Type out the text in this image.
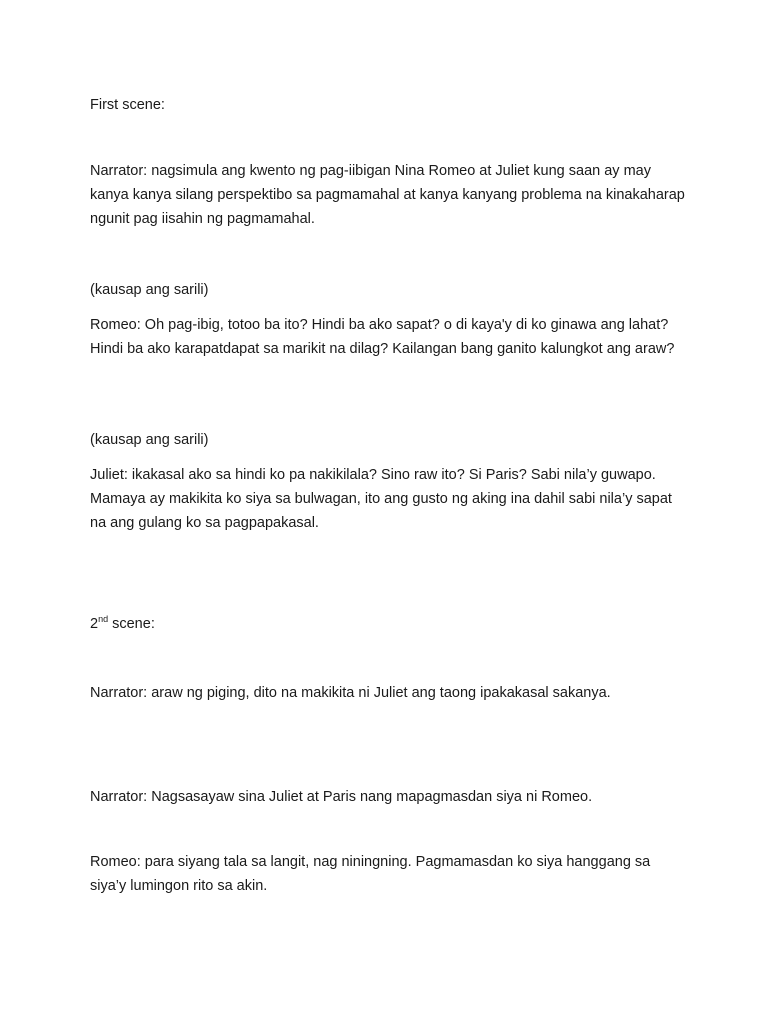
First scene:

Narrator: nagsimula ang kwento ng pag-iibigan Nina Romeo at Juliet kung saan ay may kanya kanya silang perspektibo sa pagmamahal at kanya kanyang problema na kinakaharap ngunit pag iisahin ng pagmamahal.

(kausap ang sarili)

Romeo: Oh pag-ibig, totoo ba ito? Hindi ba ako sapat? o di kaya'y di ko ginawa ang lahat? Hindi ba ako karapatdapat sa marikit na dilag? Kailangan bang ganito kalungkot ang araw?

(kausap ang sarili)

Juliet: ikakasal ako sa hindi ko pa nakikilala? Sino raw ito? Si Paris? Sabi nila’y guwapo. Mamaya ay makikita ko siya sa bulwagan, ito ang gusto ng aking ina dahil sabi nila’y sapat na ang gulang ko sa pagpapakasal.

2nd scene:

Narrator: araw ng piging, dito na makikita ni Juliet ang taong ipakakasal sakanya.

Narrator: Nagsasayaw sina Juliet at Paris nang mapagmasdan siya ni Romeo.

Romeo: para siyang tala sa langit, nag niningning. Pagmamasdan ko siya hanggang sa siya’y lumingon rito sa akin.
